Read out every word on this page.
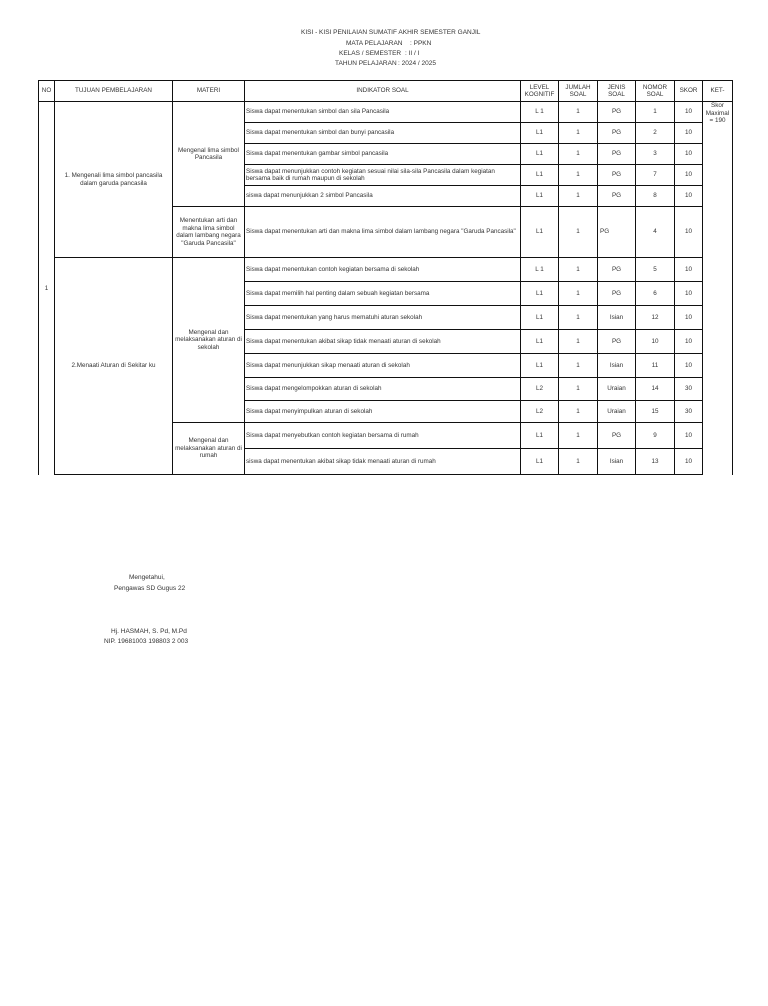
KISI - KISI PENILAIAN SUMATIF AKHIR SEMESTER GANJIL
MATA PELAJARAN : PPKN
KELAS / SEMESTER : II / I
TAHUN PELAJARAN : 2024 / 2025
NO	TUJUAN PEMBELAJARAN	MATERI	INDIKATOR SOAL	LEVEL KOGNITIF	JUMLAH SOAL	JENIS SOAL	NOMOR SOAL	SKOR	KET-
1	1. Mengenali lima simbol pancasila dalam garuda pancasila	Mengenal lima simbol Pancasila	Siswa dapat menentukan simbol dan sila Pancasila	L 1	1	PG	1	10	Skor Maximal = 190
			Siswa dapat menentukan simbol dan bunyi pancasila	L1	1	PG	2	10	
			Siswa dapat menentukan gambar simbol pancasila	L1	1	PG	3	10	
			Siswa dapat menunjukkan contoh kegiatan sesuai nilai sila-sila Pancasila dalam kegiatan bersama baik di rumah maupun di sekolah	L1	1	PG	7	10	
			siswa dapat menunjukkan 2 simbol Pancasila	L1	1	PG	8	10	
		Menentukan arti dan makna lima simbol dalam lambang negara "Garuda Pancasila"	Siswa dapat menentukan arti dan makna lima simbol dalam lambang negara "Garuda Pancasila"	L1	1	PG	4	10	
	2.Menaati Aturan di Sekitar ku	Mengenal dan melaksanakan aturan di sekolah	Siswa dapat menentukan contoh kegiatan bersama di sekolah	L 1	1	PG	5	10	
			Siswa dapat memilih hal penting dalam sebuah kegiatan bersama	L1	1	PG	6	10	
			Siswa dapat menentukan yang harus mematuhi aturan sekolah	L1	1	Isian	12	10	
			Siswa dapat menentukan akibat sikap tidak menaati aturan di sekolah	L1	1	PG	10	10	
			Siswa dapat menunjukkan sikap menaati aturan di sekolah	L1	1	Isian	11	10	
			Siswa dapat mengelompokkan aturan di sekolah	L2	1	Uraian	14	30	
			Siswa dapat menyimpulkan aturan di sekolah	L2	1	Uraian	15	30	
		Mengenal dan melaksanakan aturan di rumah	Siswa dapat menyebutkan contoh kegiatan bersama di rumah	L1	1	PG	9	10	
			siswa dapat menentukan akibat sikap tidak menaati aturan di rumah	L1	1	Isian	13	10	
Mengetahui,
Pengawas SD Gugus 22
Hj. HASMAH, S. Pd, M.Pd
NIP. 19681003 198803 2 003
